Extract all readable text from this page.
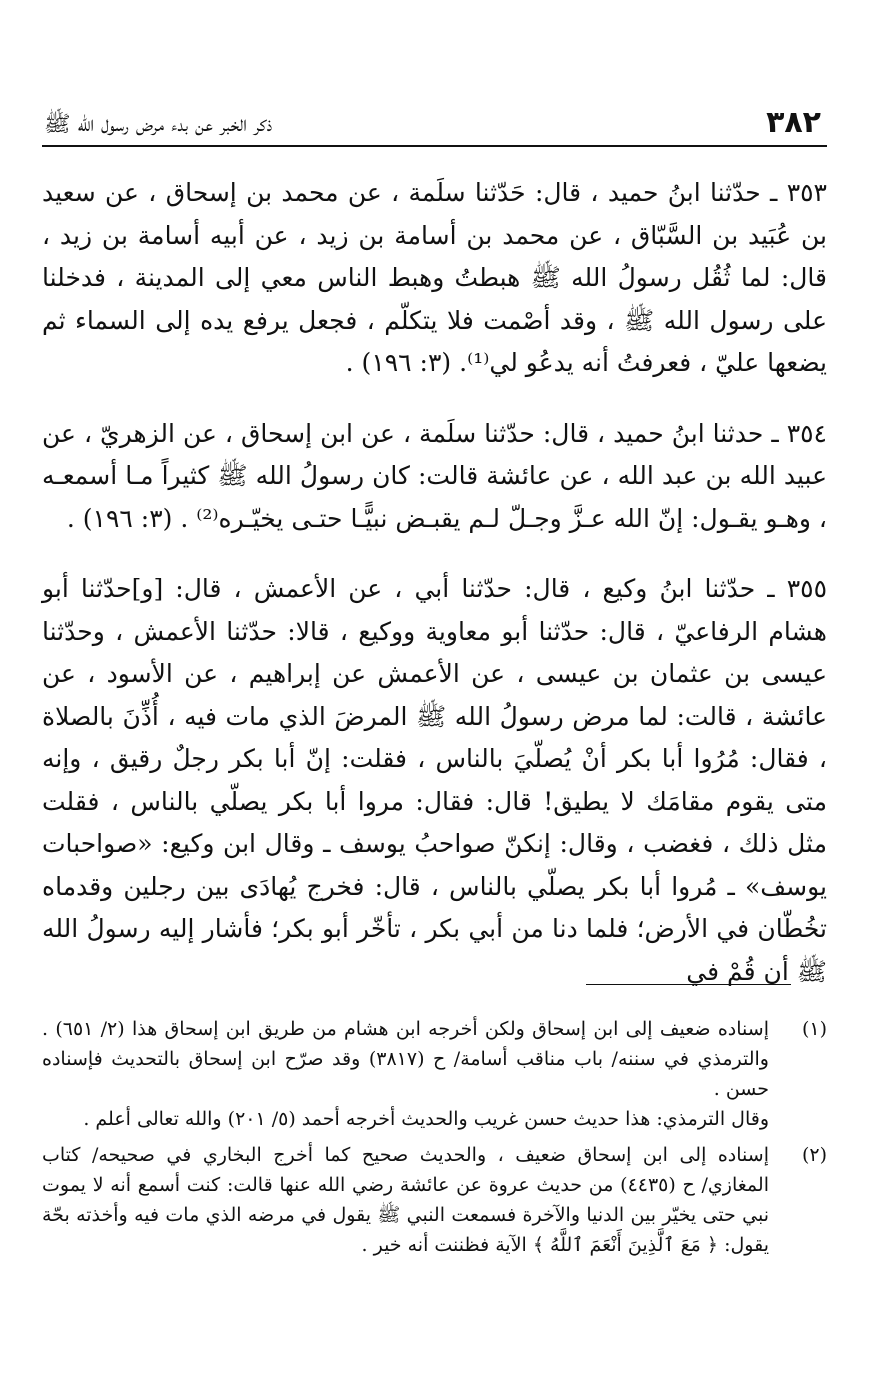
٣٨٢
ذكر الخبر عن بدء مرض رسول الله ﷺ

٣٥٣ ـ حدّثنا ابنُ حميد ، قال: حَدّثنا سلَمة ، عن محمد بن إسحاق ، عن سعيد بن عُبَيد بن السَّبّاق ، عن محمد بن أسامة بن زيد ، عن أبيه أسامة بن زيد ، قال: لما ثُقُل رسولُ الله ﷺ هبطتُ وهبط الناس معي إلى المدينة ، فدخلنا على رسول الله ﷺ ، وقد أصْمت فلا يتكلّم ، فجعل يرفع يده إلى السماء ثم يضعها عليّ ، فعرفتُ أنه يدعُو لي⁽¹⁾. (٣: ١٩٦) .

٣٥٤ ـ حدثنا ابنُ حميد ، قال: حدّثنا سلَمة ، عن ابن إسحاق ، عن الزهريّ ، عن عبيد الله بن عبد الله ، عن عائشة قالت: كان رسولُ الله ﷺ كثيراً مـا أسمعـه ، وهـو يقـول: إنّ الله عـزَّ وجـلّ لـم يقبـض نبيًّـا حتـى يخيّـره⁽²⁾ . (٣: ١٩٦) .

٣٥٥ ـ حدّثنا ابنُ وكيع ، قال: حدّثنا أبي ، عن الأعمش ، قال: [و]حدّثنا أبو هشام الرفاعيّ ، قال: حدّثنا أبو معاوية ووكيع ، قالا: حدّثنا الأعمش ، وحدّثنا عيسى بن عثمان بن عيسى ، عن الأعمش عن إبراهيم ، عن الأسود ، عن عائشة ، قالت: لما مرض رسولُ الله ﷺ المرضَ الذي مات فيه ، أُذِّنَ بالصلاة ، فقال: مُرُوا أبا بكر أنْ يُصلّيَ بالناس ، فقلت: إنّ أبا بكر رجلٌ رقيق ، وإنه متى يقوم مقامَك لا يطيق! قال: فقال: مروا أبا بكر يصلّي بالناس ، فقلت مثل ذلك ، فغضب ، وقال: إنكنّ صواحبُ يوسف ـ وقال ابن وكيع: «صواحبات يوسف» ـ مُروا أبا بكر يصلّي بالناس ، قال: فخرج يُهادَى بين رجلين وقدماه تخُطّان في الأرض؛ فلما دنا من أبي بكر ، تأخّر أبو بكر؛ فأشار إليه رسولُ الله ﷺ أن قُمْ في

(١)

إسناده ضعيف إلى ابن إسحاق ولكن أخرجه ابن هشام من طريق ابن إسحاق هذا (٢/ ٦٥١) . والترمذي في سننه/ باب مناقب أسامة/ ح (٣٨١٧) وقد صرّح ابن إسحاق بالتحديث فإسناده حسن .

وقال الترمذي: هذا حديث حسن غريب والحديث أخرجه أحمد (٥/ ٢٠١) والله تعالى أعلم .

(٢)

إسناده إلى ابن إسحاق ضعيف ، والحديث صحيح كما أخرج البخاري في صحيحه/ كتاب المغازي/ ح (٤٤٣٥) من حديث عروة عن عائشة رضي الله عنها قالت: كنت أسمع أنه لا يموت نبي حتى يخيّر بين الدنيا والآخرة فسمعت النبي ﷺ يقول في مرضه الذي مات فيه وأخذته بحّة يقول: ﴿ مَعَ ٱلَّذِينَ أَنْعَمَ ٱللَّهُ ﴾ الآية فظننت أنه خير .
